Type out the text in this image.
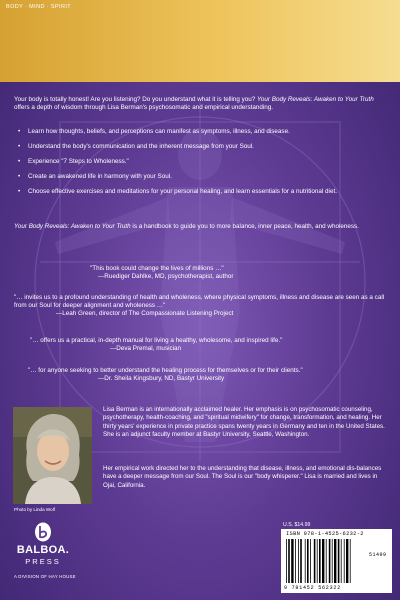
BODY · MIND · SPIRIT

Your body is totally honest! Are you listening? Do you understand what it is telling you? Your Body Reveals: Awaken to Your Truth offers a depth of wisdom through Lisa Berman's psychosomatic and empirical understanding.

• Learn how thoughts, beliefs, and perceptions can manifest as symptoms, illness, and disease.
• Understand the body's communication and the inherent message from your Soul.
• Experience "7 Steps to Wholeness."
• Create an awakened life in harmony with your Soul.
• Choose effective exercises and meditations for your personal healing, and learn essentials for a nutritional diet.

Your Body Reveals: Awaken to Your Truth is a handbook to guide you to more balance, inner peace, health, and wholeness.

"This book could change the lives of millions …"
—Ruediger Dahlke, MD, psychotherapist, author

"… invites us to a profound understanding of health and wholeness, where physical symptoms, illness and disease are seen as a call from our Soul for deeper alignment and wholeness …"
—Leah Green, director of The Compassionate Listening Project

"… offers us a practical, in-depth manual for living a healthy, wholesome, and inspired life."
—Deva Premal, musician

"… for anyone seeking to better understand the healing process for themselves or for their clients."
—Dr. Sheila Kingsbury, ND, Bastyr University

Photo by Linda Wolf

Lisa Berman is an internationally acclaimed healer. Her emphasis is on psychosomatic counseling, psychotherapy, health-coaching, and "spiritual midwifery" for change, transformation, and healing. Her thirty years' experience in private practice spans twenty years in Germany and ten in the United States. She is an adjunct faculty member at Bastyr University, Seattle, Washington.

Her empirical work directed her to the understanding that disease, illness, and emotional dis-balances have a deeper message from our Soul. The Soul is our "body whisperer." Lisa is married and lives in Ojai, California.

U.S. $14.99
ISBN 978-1-4525-6232-2
51499
9 781452 562322
BALBOA.
PRESS
A DIVISION OF HAY HOUSE
